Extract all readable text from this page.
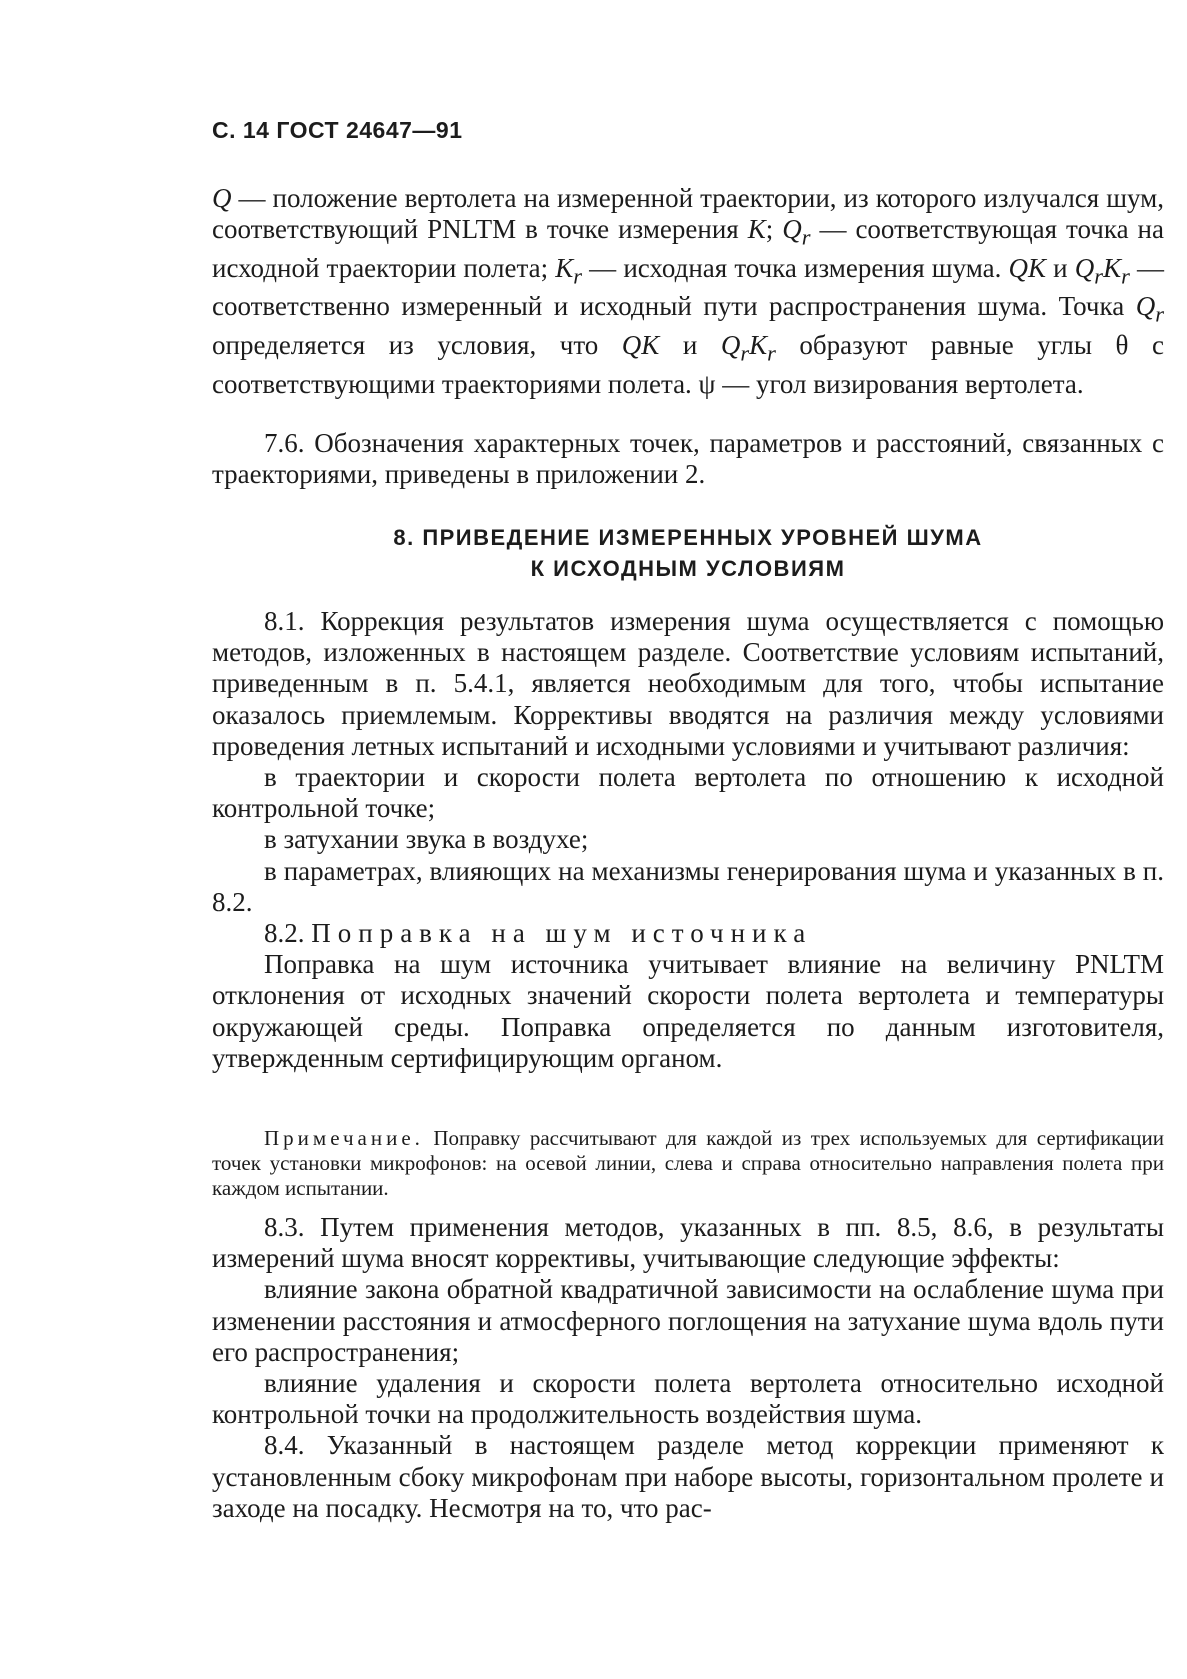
С. 14 ГОСТ 24647—91

Q — положение вертолета на измеренной траектории, из которого излучался шум, соответствующий PNLTM в точке измерения K; $Q_r$ — соответствующая точка на исходной траектории полета; $K_r$ — исходная точка измерения шума. QK и $Q_rK_r$ — соответственно измеренный и исходный пути распространения шума. Точка $Q_r$ определяется из условия, что QK и $Q_rK_r$ образуют равные углы θ с соответствующими траекториями полета. ψ — угол визирования вертолета.

7.6. Обозначения характерных точек, параметров и расстояний, связанных с траекториями, приведены в приложении 2.

8. ПРИВЕДЕНИЕ ИЗМЕРЕННЫХ УРОВНЕЙ ШУМА
К ИСХОДНЫМ УСЛОВИЯМ

8.1. Коррекция результатов измерения шума осуществляется с помощью методов, изложенных в настоящем разделе. Соответствие условиям испытаний, приведенным в п. 5.4.1, является необходимым для того, чтобы испытание оказалось приемлемым. Коррективы вводятся на различия между условиями проведения летных испытаний и исходными условиями и учитывают различия:

в траектории и скорости полета вертолета по отношению к исходной контрольной точке;

в затухании звука в воздухе;

в параметрах, влияющих на механизмы генерирования шума и указанных в п. 8.2.

8.2. Поправка на шум источника

Поправка на шум источника учитывает влияние на величину PNLTM отклонения от исходных значений скорости полета вертолета и температуры окружающей среды. Поправка определяется по данным изготовителя, утвержденным сертифицирующим органом.

Примечание. Поправку рассчитывают для каждой из трех используемых для сертификации точек установки микрофонов: на осевой линии, слева и справа относительно направления полета при каждом испытании.

8.3. Путем применения методов, указанных в пп. 8.5, 8.6, в результаты измерений шума вносят коррективы, учитывающие следующие эффекты:

влияние закона обратной квадратичной зависимости на ослабление шума при изменении расстояния и атмосферного поглощения на затухание шума вдоль пути его распространения;

влияние удаления и скорости полета вертолета относительно исходной контрольной точки на продолжительность воздействия шума.

8.4. Указанный в настоящем разделе метод коррекции применяют к установленным сбоку микрофонам при наборе высоты, горизонтальном пролете и заходе на посадку. Несмотря на то, что рас-
